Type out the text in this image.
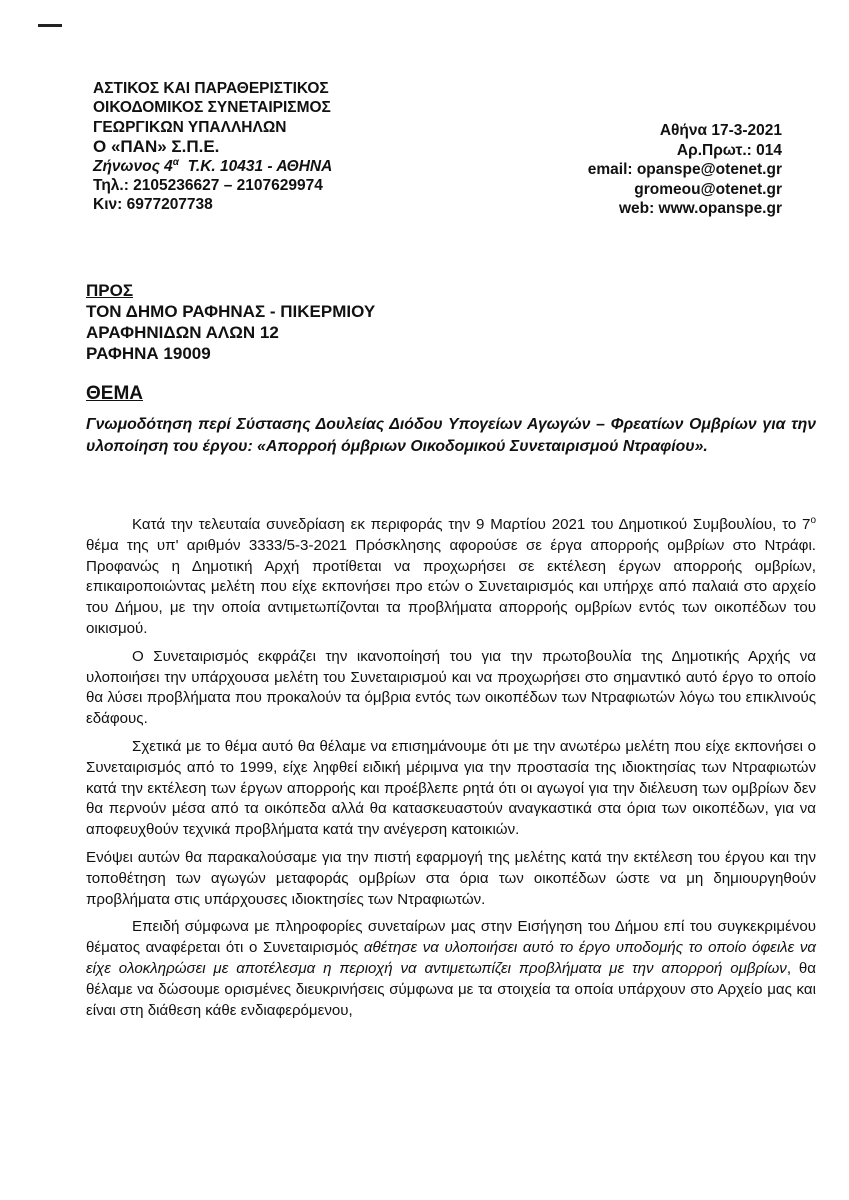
ΑΣΤΙΚΟΣ ΚΑΙ ΠΑΡΑΘΕΡΙΣΤΙΚΟΣ
ΟΙΚΟΔΟΜΙΚΟΣ ΣΥΝΕΤΑΙΡΙΣΜΟΣ
ΓΕΩΡΓΙΚΩΝ ΥΠΑΛΛΗΛΩΝ
Ο «ΠΑΝ» Σ.Π.Ε.
Ζήνωνος $4^\alpha$ Τ.Κ. 10431 - ΑΘΗΝΑ
Τηλ.: 2105236627 – 2107629974
Κιν: 6977207738
Αθήνα 17-3-2021
Αρ.Πρωτ.: 014
email: opanspe@otenet.gr
gromeou@otenet.gr
web: www.opanspe.gr
ΠΡΟΣ
ΤΟΝ ΔΗΜΟ ΡΑΦΗΝΑΣ - ΠΙΚΕΡΜΙΟΥ
ΑΡΑΦΗΝΙΔΩΝ ΑΛΩΝ 12
ΡΑΦΗΝΑ 19009
ΘΕΜΑ
Γνωμοδότηση περί Σύστασης Δουλείας Διόδου Υπογείων Αγωγών – Φρεατίων Ομβρίων για την υλοποίηση του έργου: «Απορροή όμβριων Οικοδομικού Συνεταιρισμού Ντραφίου».

Κατά την τελευταία συνεδρίαση εκ περιφοράς την 9 Μαρτίου 2021 του Δημοτικού Συμβουλίου, το $7^o$ θέμα της υπ' αριθμόν 3333/5-3-2021 Πρόσκλησης αφορούσε σε έργα απορροής ομβρίων στο Ντράφι. Προφανώς η Δημοτική Αρχή προτίθεται να προχωρήσει σε εκτέλεση έργων απορροής ομβρίων, επικαιροποιώντας μελέτη που είχε εκπονήσει προ ετών ο Συνεταιρισμός και υπήρχε από παλαιά στο αρχείο του Δήμου, με την οποία αντιμετωπίζονται τα προβλήματα απορροής ομβρίων εντός των οικοπέδων του οικισμού.

Ο Συνεταιρισμός εκφράζει την ικανοποίησή του για την πρωτοβουλία της Δημοτικής Αρχής να υλοποιήσει την υπάρχουσα μελέτη του Συνεταιρισμού και να προχωρήσει στο σημαντικό αυτό έργο το οποίο θα λύσει προβλήματα που προκαλούν τα όμβρια εντός των οικοπέδων των Ντραφιωτών λόγω του επικλινούς εδάφους.

Σχετικά με το θέμα αυτό θα θέλαμε να επισημάνουμε ότι με την ανωτέρω μελέτη που είχε εκπονήσει ο Συνεταιρισμός από το 1999, είχε ληφθεί ειδική μέριμνα για την προστασία της ιδιοκτησίας των Ντραφιωτών κατά την εκτέλεση των έργων απορροής και προέβλεπε ρητά ότι οι αγωγοί για την διέλευση των ομβρίων δεν θα περνούν μέσα από τα οικόπεδα αλλά θα κατασκευαστούν αναγκαστικά στα όρια των οικοπέδων, για να αποφευχθούν τεχνικά προβλήματα κατά την ανέγερση κατοικιών.

Ενόψει αυτών θα παρακαλούσαμε για την πιστή εφαρμογή της μελέτης κατά την εκτέλεση του έργου και την τοποθέτηση των αγωγών μεταφοράς ομβρίων στα όρια των οικοπέδων ώστε να μη δημιουργηθούν προβλήματα στις υπάρχουσες ιδιοκτησίες των Ντραφιωτών.

Επειδή σύμφωνα με πληροφορίες συνεταίρων μας στην Εισήγηση του Δήμου επί του συγκεκριμένου θέματος αναφέρεται ότι ο Συνεταιρισμός αθέτησε να υλοποιήσει αυτό το έργο υποδομής το οποίο όφειλε να είχε ολοκληρώσει με αποτέλεσμα η περιοχή να αντιμετωπίζει προβλήματα με την απορροή ομβρίων, θα θέλαμε να δώσουμε ορισμένες διευκρινήσεις σύμφωνα με τα στοιχεία τα οποία υπάρχουν στο Αρχείο μας και είναι στη διάθεση κάθε ενδιαφερόμενου,
